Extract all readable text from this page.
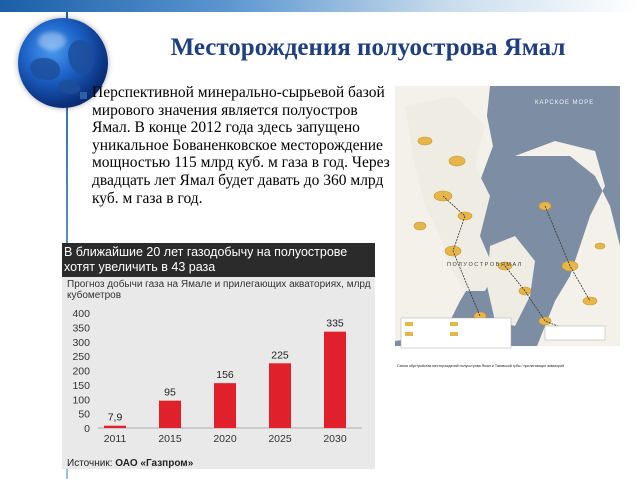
Месторождения полуострова Ямал
Перспективной минерально-сырьевой базой мирового значения является полуостров Ямал. В конце 2012 года здесь запущено уникальное Бованенковское месторождение мощностью 115 млрд куб. м газа в год. Через двадцать лет Ямал будет давать до 360 млрд куб. м газа в год.
КАРСКОЕ МОРЕ
П О Л У О С Т Р О В Я М А Л
Схема обустройства месторождений полуострова Ямал и Тазовской губы / прилегающих акваторий
В ближайшие 20 лет газодобычу на полуострове хотят увеличить в 43 раза
Прогноз добычи газа на Ямале и прилегающих акваториях, млрд кубометров
400
350
300
250
200
150
100
50
0
7,9
2011
95
2015
156
2020
225
2025
335
2030
Источник: ОАО «Газпром»
